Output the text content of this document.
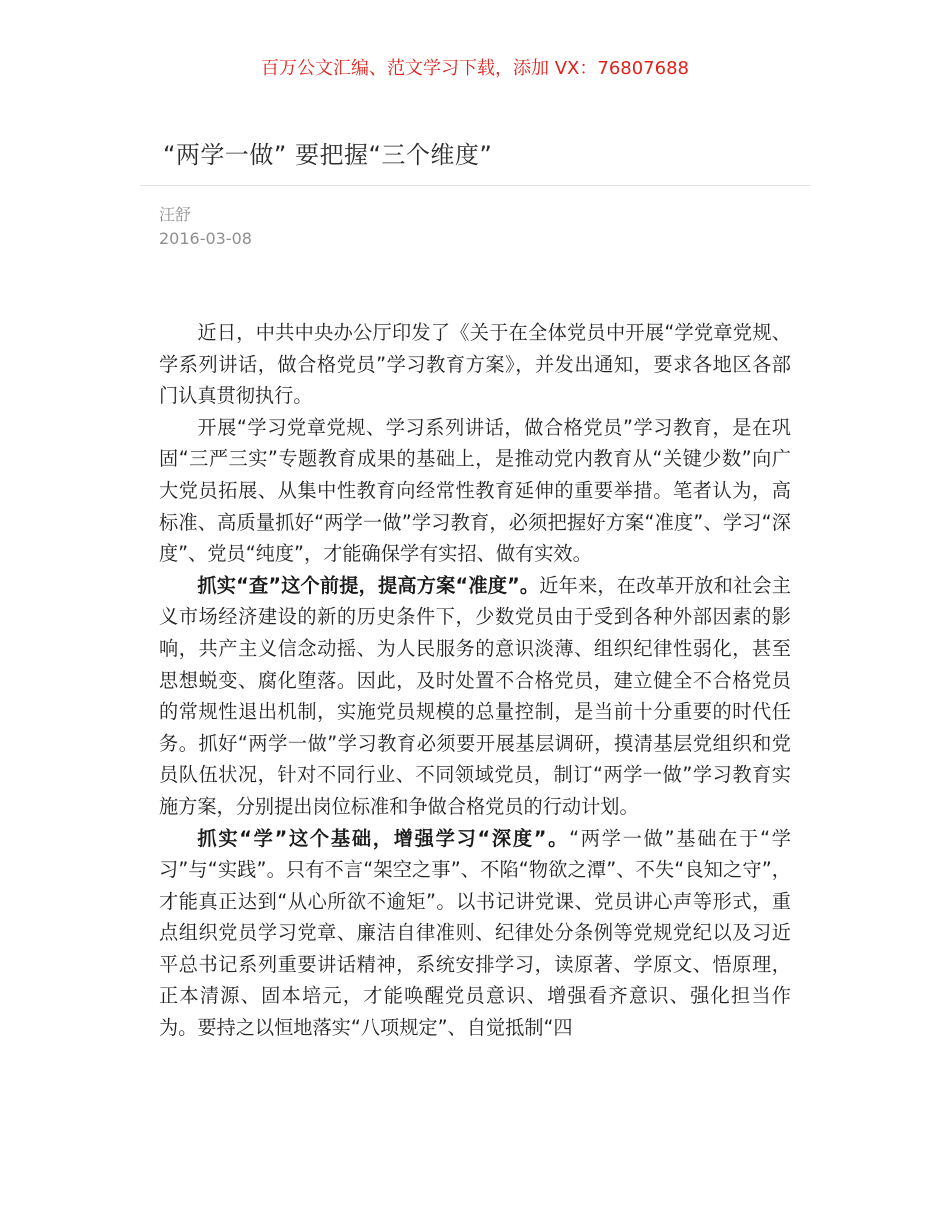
百万公文汇编、范文学习下载，添加 VX：76807688
“两学一做” 要把握“三个维度”
汪舒
2016-03-08

近日，中共中央办公厅印发了《关于在全体党员中开展“学党章党规、学系列讲话，做合格党员”学习教育方案》，并发出通知，要求各地区各部门认真贯彻执行。

开展“学习党章党规、学习系列讲话，做合格党员”学习教育，是在巩固“三严三实”专题教育成果的基础上，是推动党内教育从“关键少数”向广大党员拓展、从集中性教育向经常性教育延伸的重要举措。笔者认为，高标准、高质量抓好“两学一做”学习教育，必须把握好方案“准度”、学习“深度”、党员“纯度”，才能确保学有实招、做有实效。

抓实“查”这个前提，提高方案“准度”。近年来，在改革开放和社会主义市场经济建设的新的历史条件下，少数党员由于受到各种外部因素的影响，共产主义信念动摇、为人民服务的意识淡薄、组织纪律性弱化，甚至思想蜕变、腐化堕落。因此，及时处置不合格党员，建立健全不合格党员的常规性退出机制，实施党员规模的总量控制，是当前十分重要的时代任务。抓好“两学一做”学习教育必须要开展基层调研，摸清基层党组织和党员队伍状况，针对不同行业、不同领域党员，制订“两学一做”学习教育实施方案，分别提出岗位标准和争做合格党员的行动计划。

抓实“学”这个基础，增强学习“深度”。“两学一做”基础在于“学习”与“实践”。只有不言“架空之事”、不陷“物欲之潭”、不失“良知之守”，才能真正达到“从心所欲不逾矩”。以书记讲党课、党员讲心声等形式，重点组织党员学习党章、廉洁自律准则、纪律处分条例等党规党纪以及习近平总书记系列重要讲话精神，系统安排学习，读原著、学原文、悟原理，正本清源、固本培元，才能唤醒党员意识、增强看齐意识、强化担当作为。要持之以恒地落实“八项规定”、自觉抵制“四
